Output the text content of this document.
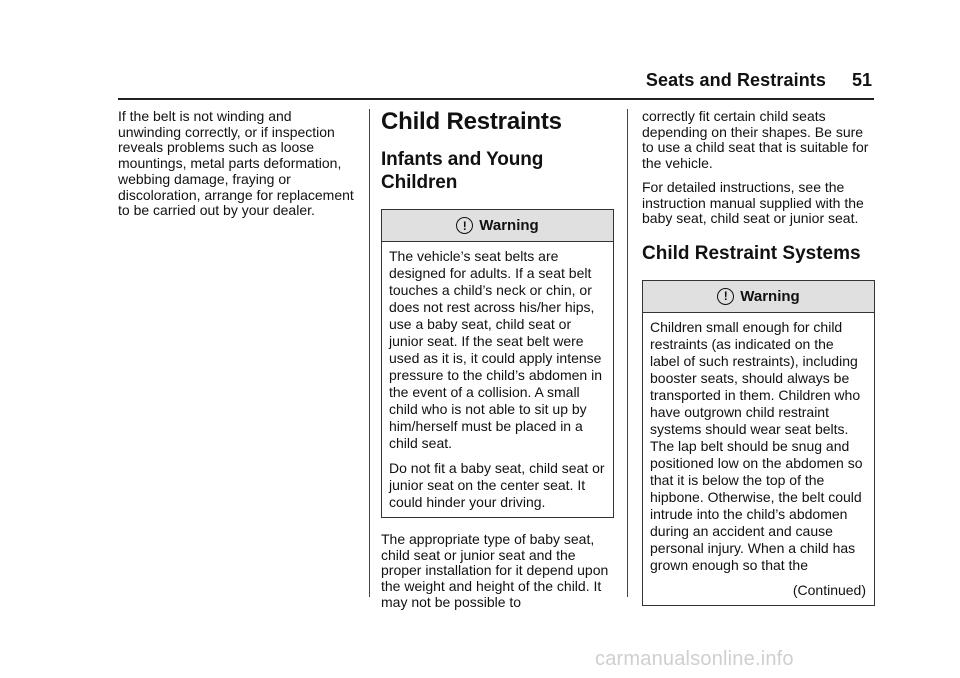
Seats and Restraints 51

If the belt is not winding and unwinding correctly, or if inspection reveals problems such as loose mountings, metal parts deformation, webbing damage, fraying or discoloration, arrange for replacement to be carried out by your dealer.

Child Restraints
Infants and Young Children
! Warning

The vehicle’s seat belts are designed for adults. If a seat belt touches a child’s neck or chin, or does not rest across his/her hips, use a baby seat, child seat or junior seat. If the seat belt were used as it is, it could apply intense pressure to the child’s abdomen in the event of a collision. A small child who is not able to sit up by him/herself must be placed in a child seat.

Do not fit a baby seat, child seat or junior seat on the center seat. It could hinder your driving.

The appropriate type of baby seat, child seat or junior seat and the proper installation for it depend upon the weight and height of the child. It may not be possible to

correctly fit certain child seats depending on their shapes. Be sure to use a child seat that is suitable for the vehicle.

For detailed instructions, see the instruction manual supplied with the baby seat, child seat or junior seat.

Child Restraint Systems
! Warning

Children small enough for child restraints (as indicated on the label of such restraints), including booster seats, should always be transported in them. Children who have outgrown child restraint systems should wear seat belts. The lap belt should be snug and positioned low on the abdomen so that it is below the top of the hipbone. Otherwise, the belt could intrude into the child’s abdomen during an accident and cause personal injury. When a child has grown enough so that the

(Continued)
carmanualsonline.info
